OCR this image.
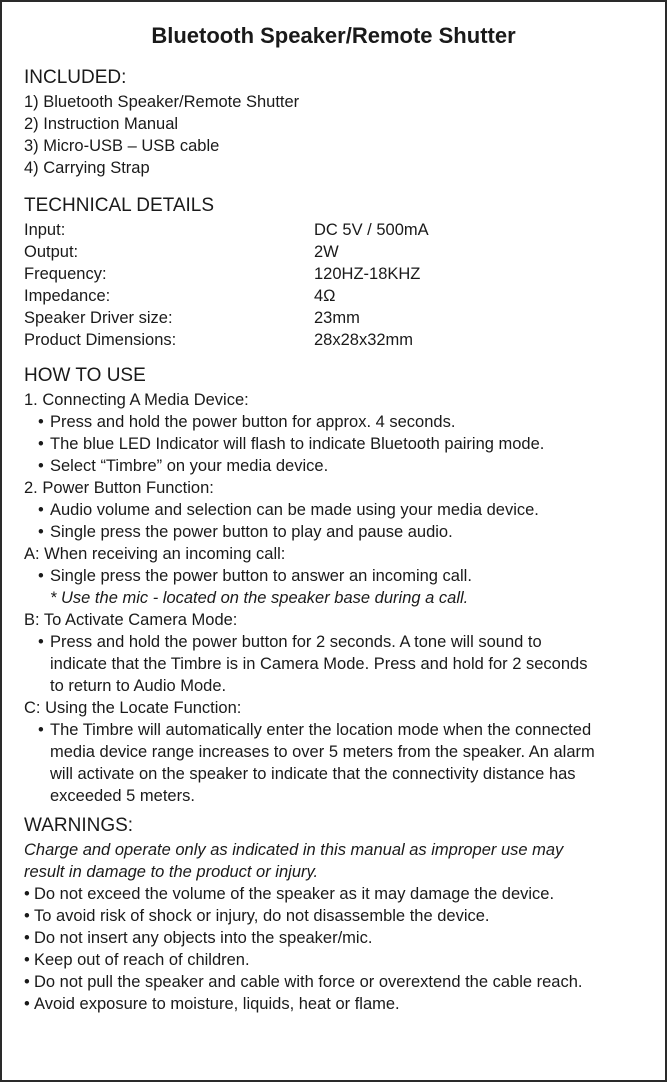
Bluetooth Speaker/Remote Shutter

INCLUDED:

1) Bluetooth Speaker/Remote Shutter

2) Instruction Manual

3) Micro-USB – USB cable

4) Carrying Strap

TECHNICAL DETAILS

Input:	DC 5V / 500mA
Output:	2W
Frequency:	120HZ-18KHZ
Impedance:	4Ω
Speaker Driver size:	23mm
Product Dimensions:	28x28x32mm

HOW TO USE

1. Connecting A Media Device:

• Press and hold the power button for approx. 4 seconds.

• The blue LED Indicator will flash to indicate Bluetooth pairing mode.

• Select “Timbre” on your media device.

2. Power Button Function:

• Audio volume and selection can be made using your media device.

• Single press the power button to play and pause audio.

A: When receiving an incoming call:

• Single press the power button to answer an incoming call.

* Use the mic - located on the speaker base during a call.

B: To Activate Camera Mode:

• Press and hold the power button for 2 seconds. A tone will sound to

indicate that the Timbre is in Camera Mode. Press and hold for 2 seconds

to return to Audio Mode.

C: Using the Locate Function:

• The Timbre will automatically enter the location mode when the connected

media device range increases to over 5 meters from the speaker. An alarm

will activate on the speaker to indicate that the connectivity distance has

exceeded 5 meters.

WARNINGS:

Charge and operate only as indicated in this manual as improper use may

result in damage to the product or injury.

• Do not exceed the volume of the speaker as it may damage the device.

• To avoid risk of shock or injury, do not disassemble the device.

• Do not insert any objects into the speaker/mic.

• Keep out of reach of children.

• Do not pull the speaker and cable with force or overextend the cable reach.

• Avoid exposure to moisture, liquids, heat or flame.
